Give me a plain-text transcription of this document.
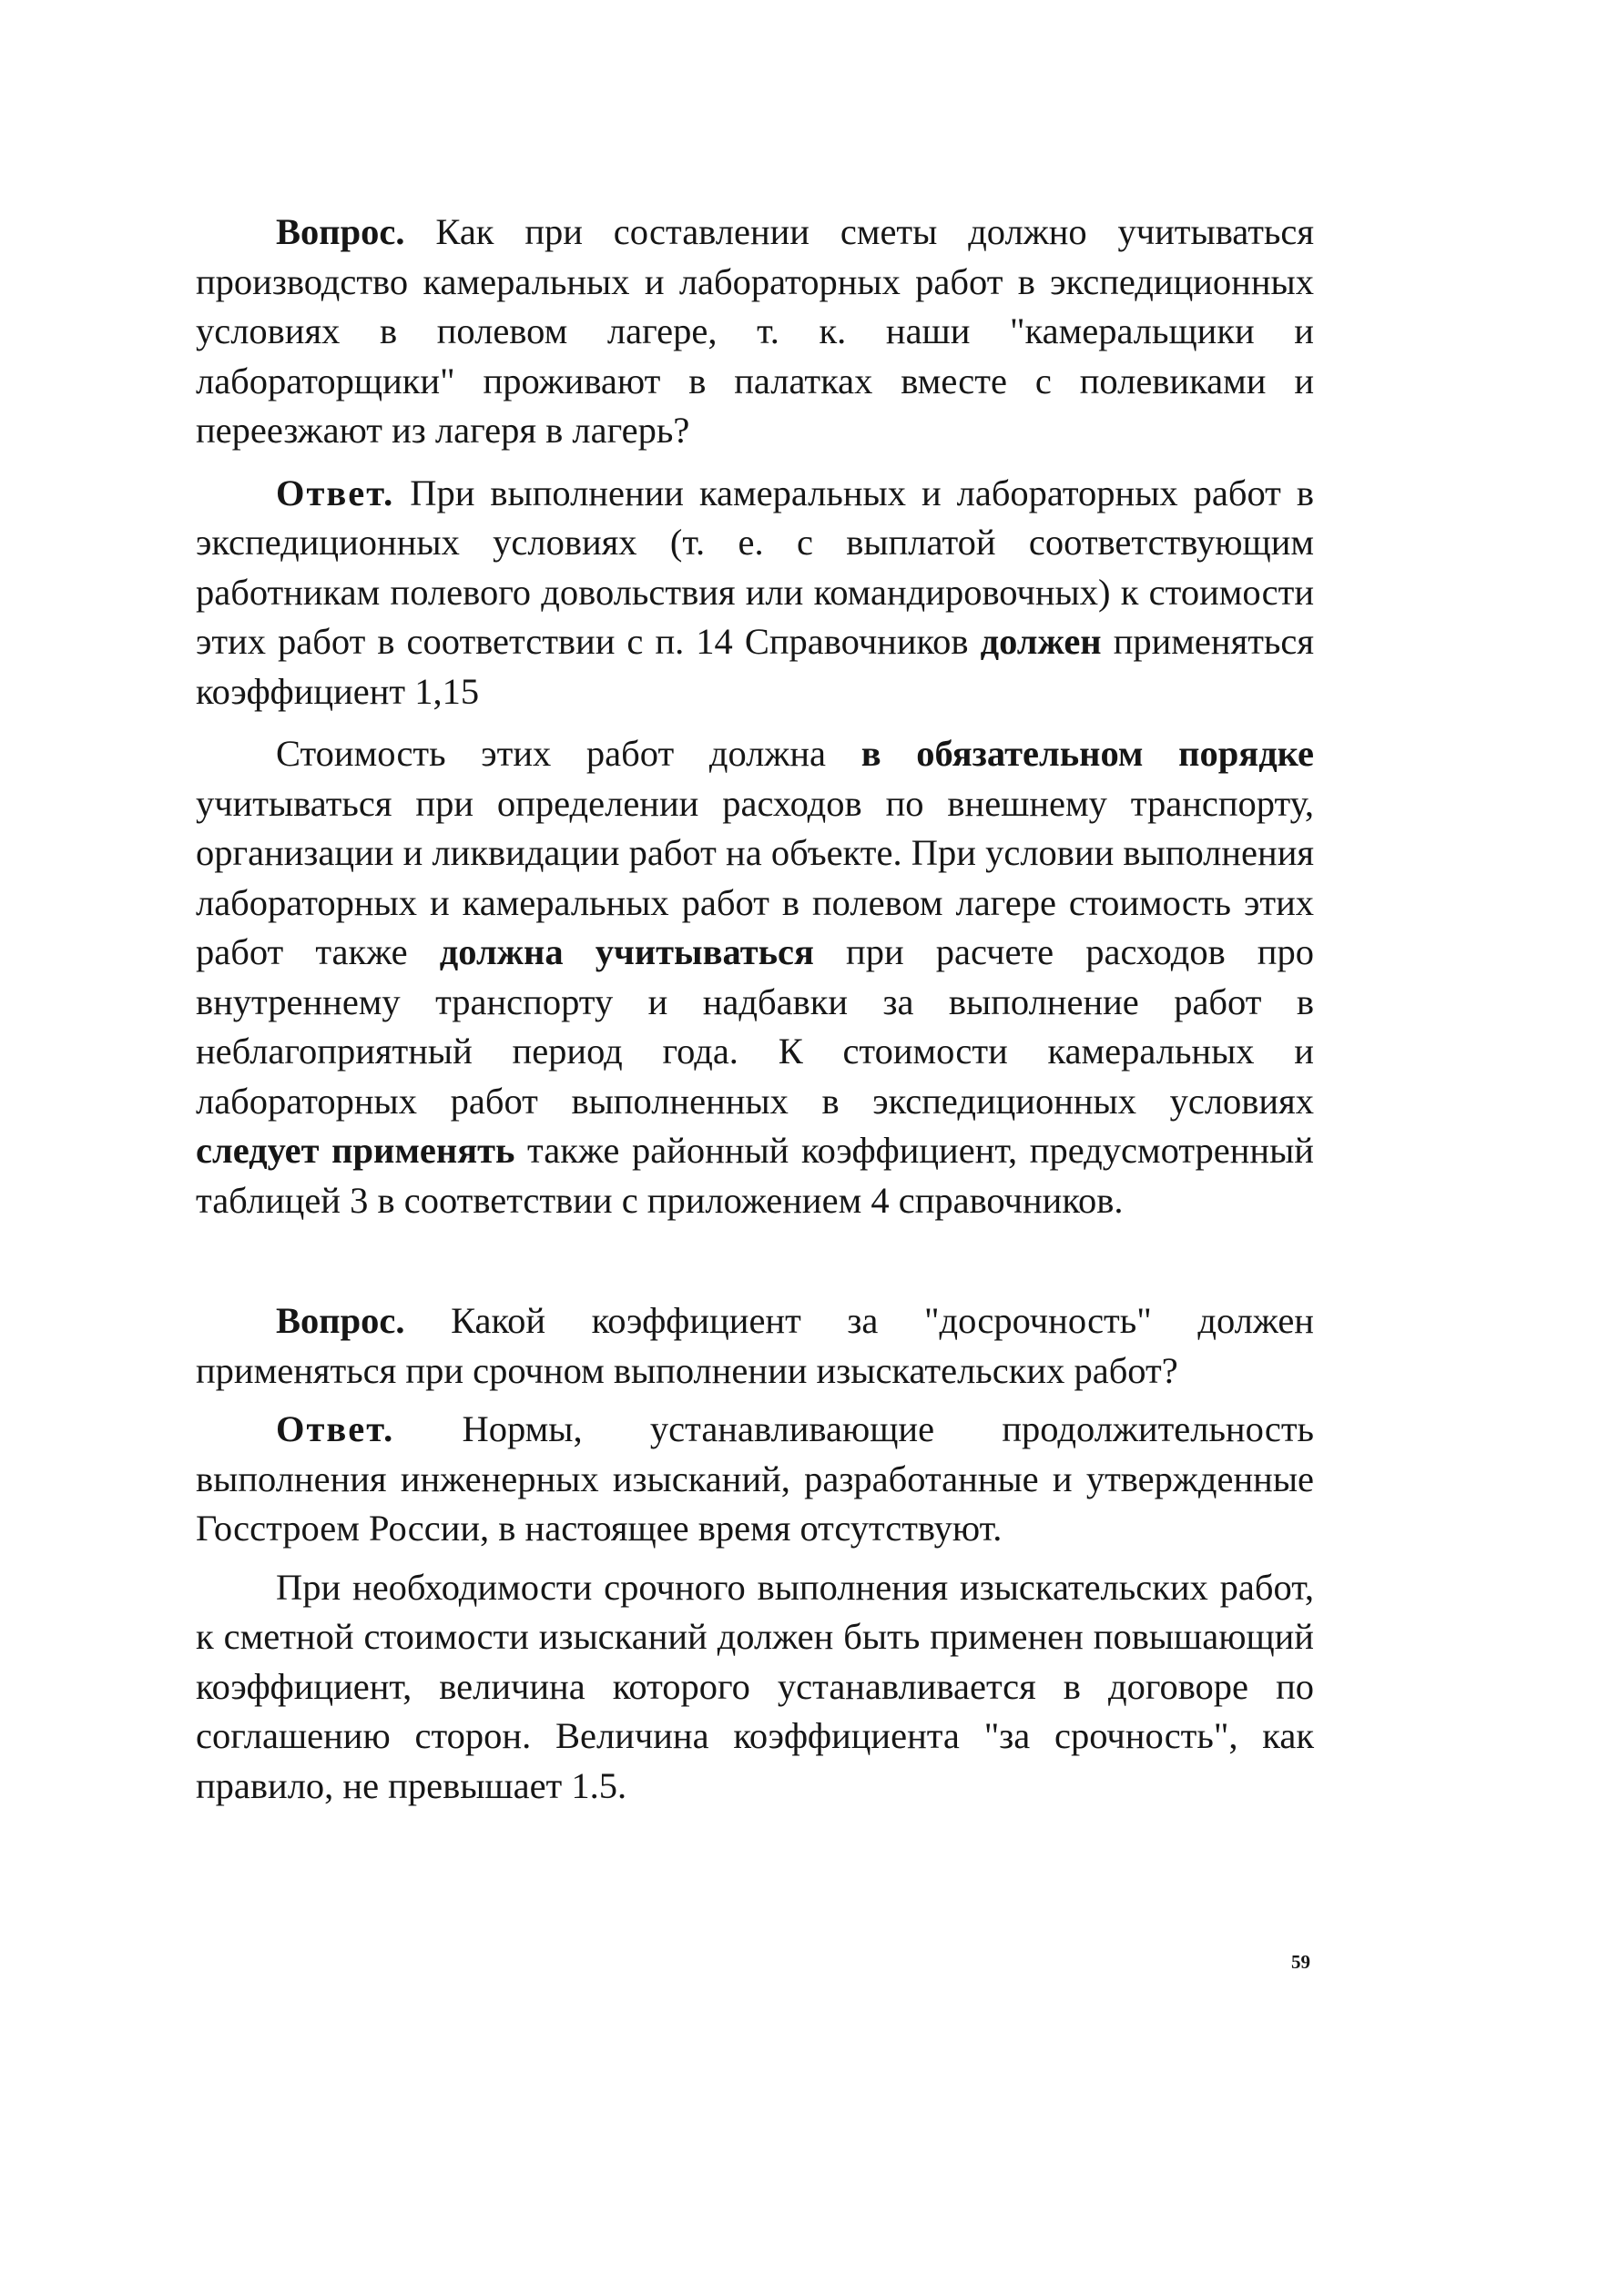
Вопрос. Как при составлении сметы должно учитываться производство камеральных и лабораторных работ в экспедиционных условиях в полевом лагере, т. к. наши "камеральщики и лабораторщики" проживают в палатках вместе с полевиками и переезжают из лагеря в лагерь?

Ответ. При выполнении камеральных и лабораторных работ в экспедиционных условиях (т. е. с выплатой соответствующим работникам полевого довольствия или командировочных) к стоимости этих работ в соответствии с п. 14 Справочников должен применяться коэффициент 1,15

Стоимость этих работ должна в обязательном порядке учитываться при определении расходов по внешнему транспорту, организации и ликвидации работ на объекте. При условии выполнения лабораторных и камеральных работ в полевом лагере стоимость этих работ также должна учитываться при расчете расходов про внутреннему транспорту и надбавки за выполнение работ в неблагоприятный период года. К стоимости камеральных и лабораторных работ выполненных в экспедиционных условиях следует применять также районный коэффициент, предусмотренный таблицей 3 в соответствии с приложением 4 справочников.

Вопрос. Какой коэффициент за "досрочность" должен применяться при срочном выполнении изыскательских работ?

Ответ. Нормы, устанавливающие продолжительность выполнения инженерных изысканий, разработанные и утвержденные Госстроем России, в настоящее время отсутствуют.

При необходимости срочного выполнения изыскательских работ, к сметной стоимости изысканий должен быть применен повышающий коэффициент, величина которого устанавливается в договоре по соглашению сторон. Величина коэффициента "за срочность", как правило, не превышает 1.5.

59
